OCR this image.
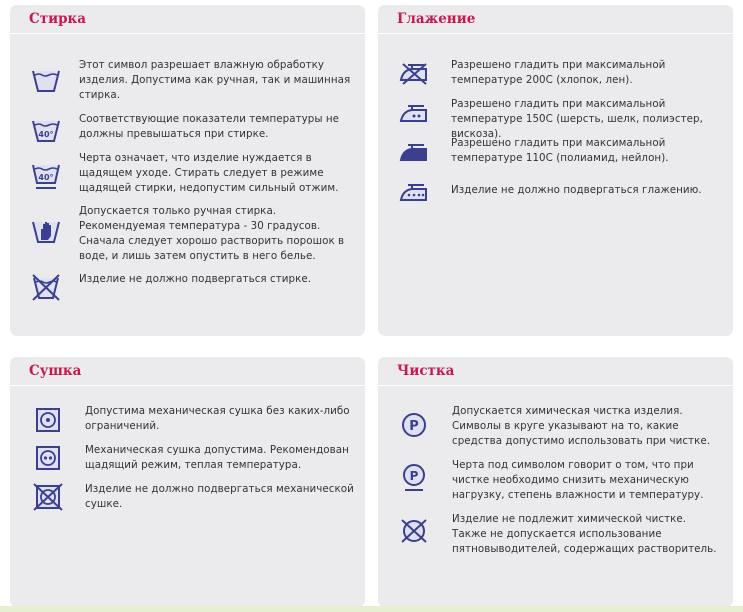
Стирка
Этот символ разрешает влажную обработку изделия. Допустима как ручная, так и машинная стирка.
40°
Соответствующие показатели температуры не должны превышаться при стирке.
40°
Черта означает, что изделие нуждается в щадящем уходе. Стирать следует в режиме щадящей стирки, недопустим сильный отжим.
Допускается только ручная стирка. Рекомендуемая температура - 30 градусов. Сначала следует хорошо растворить порошок в воде, и лишь затем опустить в него белье.
Изделие не должно подвергаться стирке.
Глажение
Разрешено гладить при максимальной температуре 200С (хлопок, лен).
Разрешено гладить при максимальной температуре 150С (шерсть, шелк, полиэстер, вискоза).
Разрешено гладить при максимальной температуре 110С (полиамид, нейлон).
Изделие не должно подвергаться глажению.
Сушка
Допустима механическая сушка без каких-либо ограничений.
Механическая сушка допустима. Рекомендован щадящий режим, теплая температура.
Изделие не должно подвергаться механической сушке.
Чистка
P
Допускается химическая чистка изделия. Символы в круге указывают на то, какие средства допустимо использовать при чистке.
P
Черта под символом говорит о том, что при чистке необходимо снизить механическую нагрузку, степень влажности и температуру.
Изделие не подлежит химической чистке. Также не допускается использование пятновыводителей, содержащих растворитель.
